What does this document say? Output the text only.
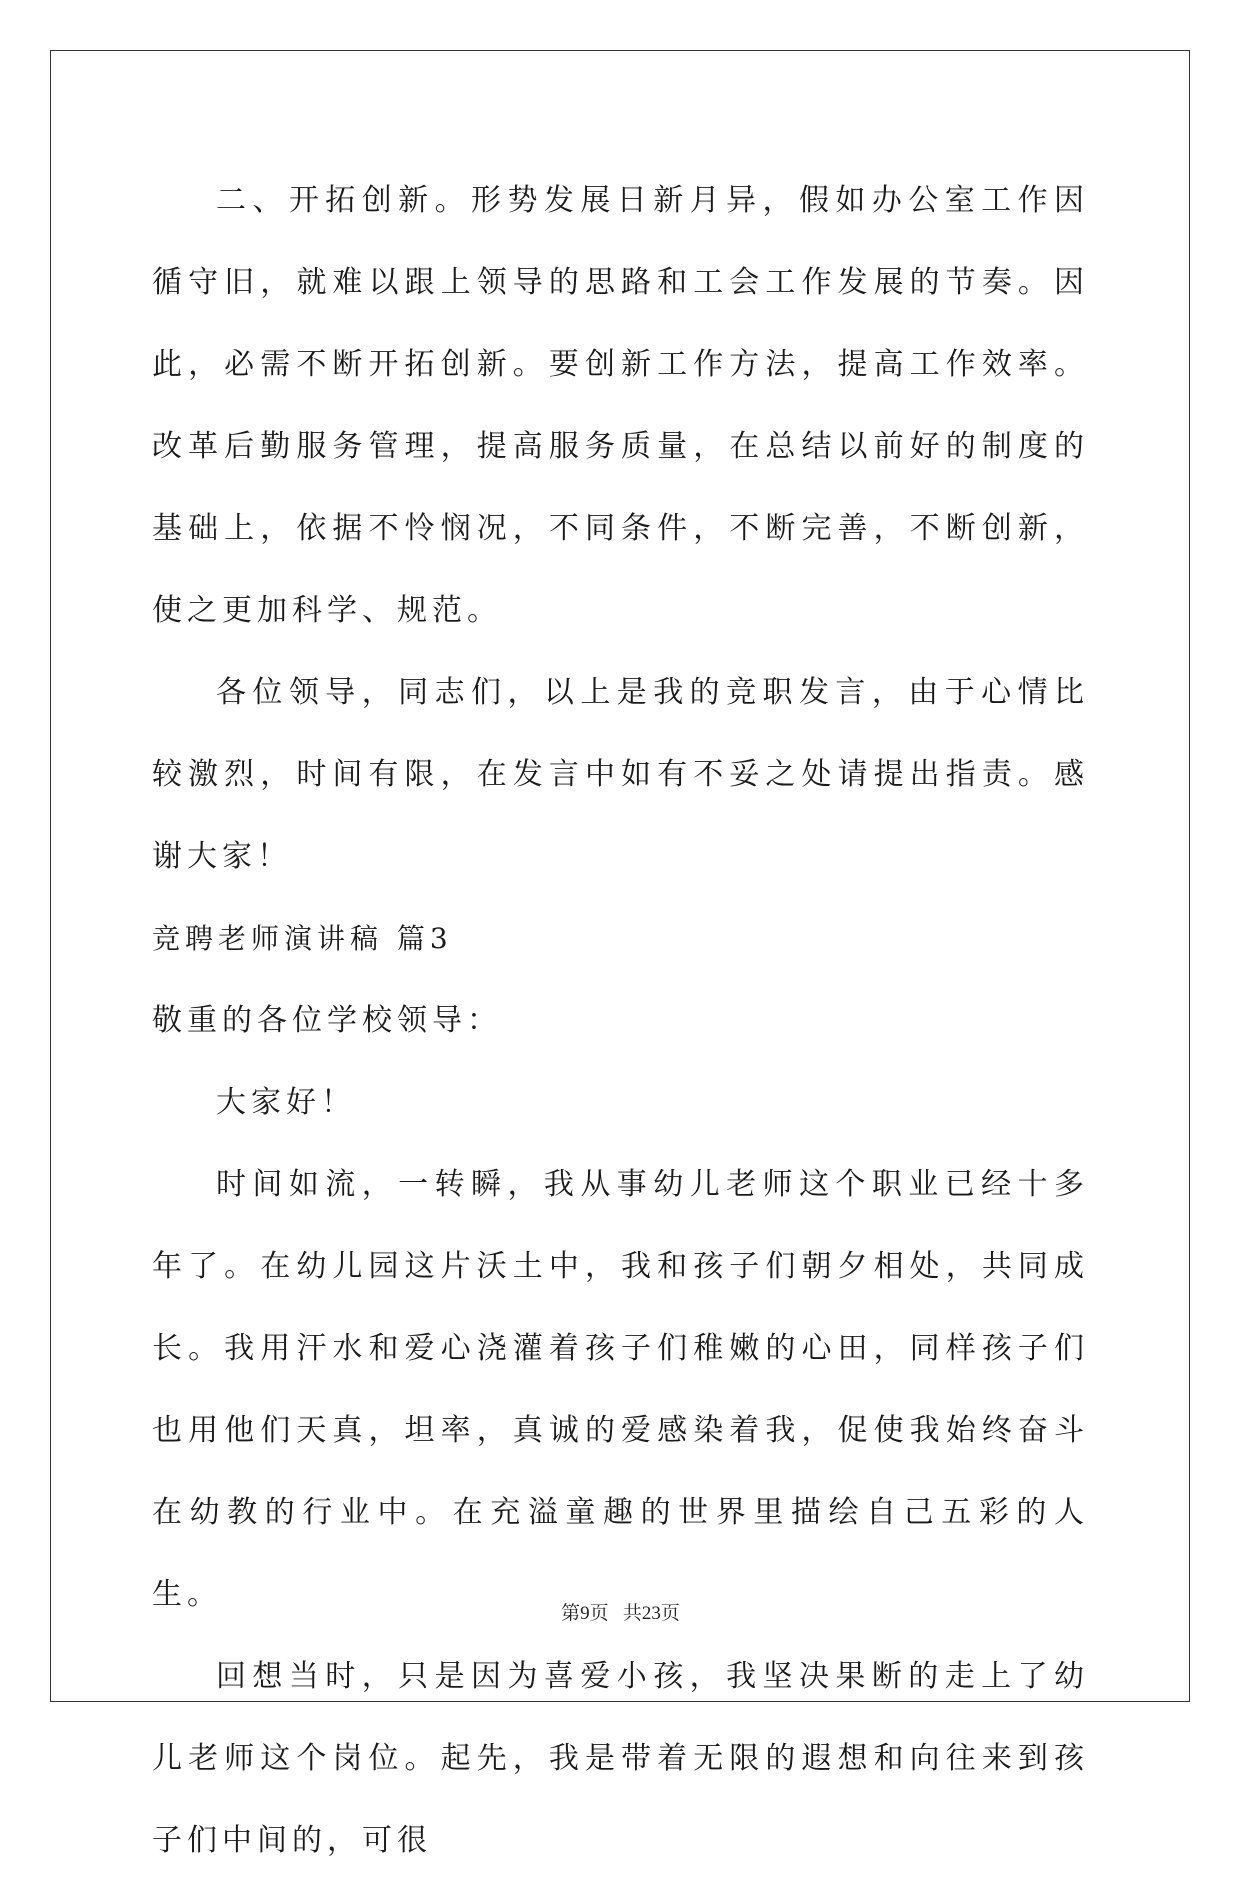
二、开拓创新。形势发展日新月异，假如办公室工作因循守旧，就难以跟上领导的思路和工会工作发展的节奏。因此，必需不断开拓创新。要创新工作方法，提高工作效率。改革后勤服务管理，提高服务质量，在总结以前好的制度的基础上，依据不怜悯况，不同条件，不断完善，不断创新，使之更加科学、规范。

各位领导，同志们，以上是我的竞职发言，由于心情比较激烈，时间有限，在发言中如有不妥之处请提出指责。感谢大家！

竞聘老师演讲稿 篇3

敬重的各位学校领导：

大家好！

时间如流，一转瞬，我从事幼儿老师这个职业已经十多年了。在幼儿园这片沃土中，我和孩子们朝夕相处，共同成长。我用汗水和爱心浇灌着孩子们稚嫩的心田，同样孩子们也用他们天真，坦率，真诚的爱感染着我，促使我始终奋斗在幼教的行业中。在充溢童趣的世界里描绘自己五彩的人生。

回想当时，只是因为喜爱小孩，我坚决果断的走上了幼儿老师这个岗位。起先，我是带着无限的遐想和向往来到孩子们中间的，可很

第9页 共23页
